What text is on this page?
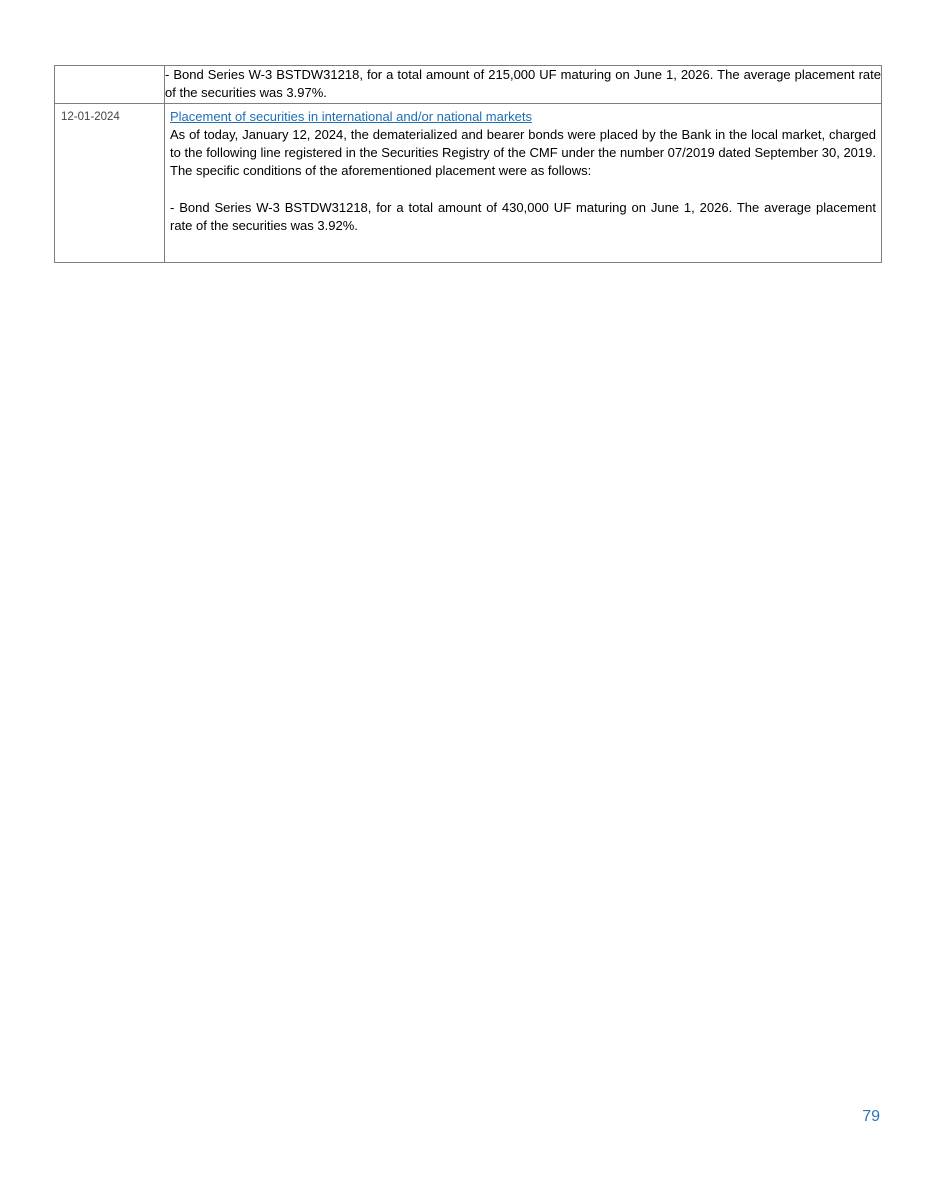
	- Bond Series W-3 BSTDW31218, for a total amount of 215,000 UF maturing on June 1, 2026. The average placement rate of the securities was 3.97%.

12-01-2024	Placement of securities in international and/or national markets

As of today, January 12, 2024, the dematerialized and bearer bonds were placed by the Bank in the local market, charged to the following line registered in the Securities Registry of the CMF under the number 07/2019 dated September 30, 2019. The specific conditions of the aforementioned placement were as follows:

- Bond Series W-3 BSTDW31218, for a total amount of 430,000 UF maturing on June 1, 2026. The average placement rate of the securities was 3.92%.

79
